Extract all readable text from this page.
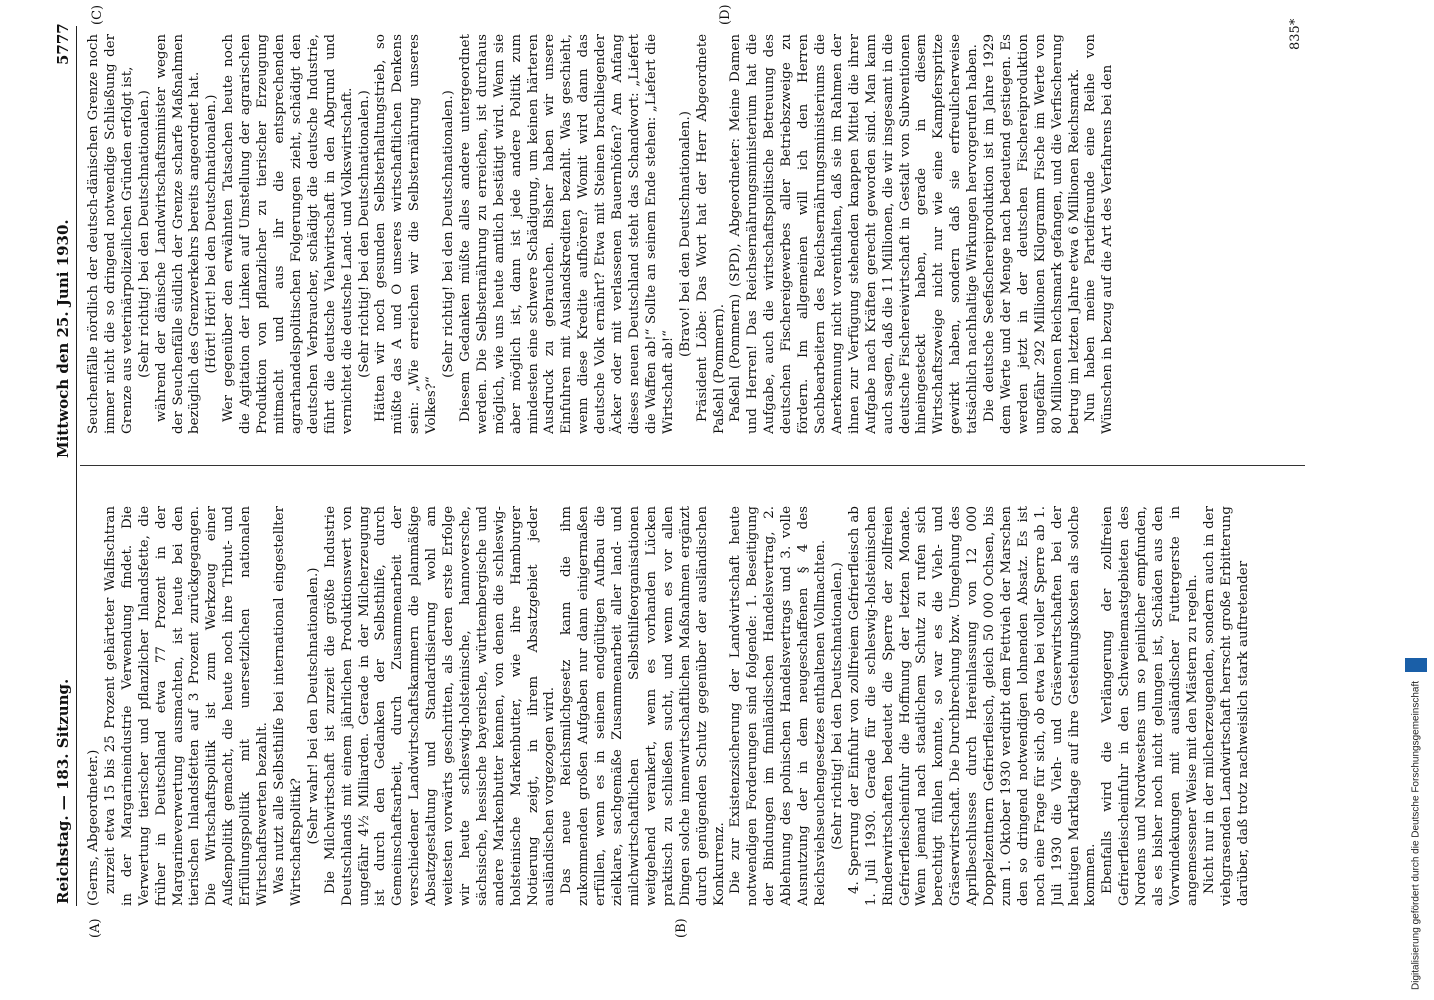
Reichstag. — 183. Sitzung.
Mittwoch den 25. Juni 1930.
5777
(A)	(B)
(C)	(D)

(Gerns, Abgeordneter.) zurzeit etwa 15 bis 25 Prozent gehärteter Walfischtran in der Margarineindustrie Verwendung findet. Die Verwertung tierischer und pflanzlicher Inlandsfette, die früher in Deutschland etwa 77 Prozent in der Margarineverwertung ausmachten, ist heute bei den tierischen Inlandsfetten auf 3 Prozent zurückgegangen. Die Wirtschaftspolitik ist zum Werkzeug einer Außenpolitik gemacht, die heute noch ihre Tribut- und Erfüllungspolitik mit unersetzlichen nationalen Wirtschaftswerten bezahlt. Was nutzt alle Selbsthilfe bei international eingestellter Wirtschaftspolitik? (Sehr wahr! bei den Deutschnationalen.) Die Milchwirtschaft ist zurzeit die größte Industrie Deutschlands mit einem jährlichen Produktionswert von ungefähr 4½ Milliarden. Gerade in der Milcherzeugung ist durch den Gedanken der Selbsthilfe, durch Gemeinschaftsarbeit, durch Zusammenarbeit der verschiedener Landwirtschaftskammern die planmäßige Absatzgestaltung und Standardisierung wohl am weitesten vorwärts geschritten, als deren erste Erfolge wir heute schleswig-holsteinische, hannoversche, sächsische, hessische bayerische, württembergische und andere Markenbutter kennen, von denen die schleswig-holsteinische Markenbutter, wie ihre Hamburger Notierung zeigt, in ihrem Absatzgebiet jeder ausländischen vorgezogen wird. Das neue Reichsmilchgesetz kann die ihm zukommenden großen Aufgaben nur dann einigermaßen erfüllen, wenn es in seinem endgültigen Aufbau die zielklare, sachgemäße Zusammenarbeit aller land- und milchwirtschaftlichen Selbsthilfeorganisationen weitgehend verankert, wenn es vorhanden Lücken praktisch zu schließen sucht, und wenn es vor allen Dingen solche innenwirtschaftlichen Maßnahmen ergänzt durch genügenden Schutz gegenüber der ausländischen Konkurrenz. Die zur Existenzsicherung der Landwirtschaft heute notwendigen Forderungen sind folgende: 1. Beseitigung der Bindungen im finnländischen Handelsvertrag, 2. Ablehnung des polnischen Handelsvertrags und 3. volle Ausnutzung der in dem neugeschaffenen § 4 des Reichsviehseuchengesetzes enthaltenen Vollmachten. (Sehr richtig! bei den Deutschnationalen.) 4. Sperrung der Einfuhr von zollfreiem Gefrierfleisch ab 1. Juli 1930. Gerade für die schleswig-holsteinischen Rinderwirtschaften bedeutet die Sperre der zollfreien Gefrierfleischeinfuhr die Hoffnung der letzten Monate. Wenn jemand nach staatlichem Schutz zu rufen sich berechtigt fühlen konnte, so war es die Vieh- und Gräserwirtschaft. Die Durchbrechung bzw. Umgehung des Aprilbeschlusses durch Hereinlassung von 12 000 Doppelzentnern Gefrierfleisch, gleich 50 000 Ochsen, bis zum 1. Oktober 1930 verdirbt dem Fettvieh der Marschen den so dringend notwendigen lohnenden Absatz. Es ist noch eine Frage für sich, ob etwa bei voller Sperre ab 1. Juli 1930 die Vieh- und Gräserwirtschaften bei der heutigen Marktlage auf ihre Gestehungskosten als solche kommen. Ebenfalls wird die Verlängerung der zollfreien Gefrierfleischeinfuhr in den Schweinemastgebieten des Nordens und Nordwestens um so peinlicher empfunden, als es bisher noch nicht gelungen ist, Schäden aus den Vorwindekungen mit ausländischer Futtergerste in angemessener Weise mit den Mästern zu regeln. Nicht nur in der milcherzeugenden, sondern auch in der viehgrasenden Landwirtschaft herrscht große Erbitterung darüber, daß trotz nachweislich stark auftretender

Seuchenfälle nördlich der deutsch-dänischen Grenze noch immer nicht die so dringend notwendige Schließung der Grenze aus veterinärpolizeilichen Gründen erfolgt ist, (Sehr richtig! bei den Deutschnationalen.) während der dänische Landwirtschaftsminister wegen der Seuchenfälle südlich der Grenze scharfe Maßnahmen bezüglich des Grenzverkehrs bereits angeordnet hat. (Hört! Hört! bei den Deutschnationalen.) Wer gegenüber den erwähnten Tatsachen heute noch die Agitation der Linken auf Umstellung der agrarischen Produktion von pflanzlicher zu tierischer Erzeugung mitmacht und aus ihr die entsprechenden agrarhandelspolitischen Folgerungen zieht, schädigt den deutschen Verbraucher, schädigt die deutsche Industrie, führt die deutsche Viehwirtschaft in den Abgrund und vernichtet die deutsche Land- und Volkswirtschaft. (Sehr richtig! bei den Deutschnationalen.) Hätten wir noch gesunden Selbsterhaltungstrieb, so müßte das A und O unseres wirtschaftlichen Denkens sein: „Wie erreichen wir die Selbsternährung unseres Volkes?“

(Sehr richtig! bei den Deutschnationalen.) Diesem Gedanken müßte alles andere untergeordnet werden. Die Selbsternährung zu erreichen, ist durchaus möglich, wie uns heute amtlich bestätigt wird. Wenn sie aber möglich ist, dann ist jede andere Politik zum mindesten eine schwere Schädigung, um keinen härteren Ausdruck zu gebrauchen. Bisher haben wir unsere Einfuhren mit Auslandskrediten bezahlt. Was geschieht, wenn diese Kredite aufhören? Womit wird dann das deutsche Volk ernährt? Etwa mit Steinen brachliegender Äcker oder mit verlassenen Bauernhöfen? Am Anfang dieses neuen Deutschland steht das Schandwort: „Liefert die Waffen ab!“ Sollte an seinem Ende stehen: „Liefert die Wirtschaft ab!“

(Bravo! bei den Deutschnationalen.) Präsident Löbe: Das Wort hat der Herr Abgeordnete Paßehl (Pommern). Paßehl (Pommern) (SPD), Abgeordneter: Meine Damen und Herren! Das Reichsernährungsministerium hat die Aufgabe, auch die wirtschaftspolitische Betreuung des deutschen Fischereigewerbes aller Betriebszweige zu fördern. Im allgemeinen will ich den Herren Sachbearbeitern des Reichsernährungsministeriums die Anerkennung nicht vorenthalten, daß sie im Rahmen der ihnen zur Verfügung stehenden knappen Mittel die ihrer Aufgabe nach Kräften gerecht geworden sind. Man kann auch sagen, daß die 11 Millionen, die wir insgesamt in die deutsche Fischereiwirtschaft in Gestalt von Subventionen hineingesteckt haben, gerade in diesem Wirtschaftszweige nicht nur wie eine Kampferspritze gewirkt haben, sondern daß sie erfreulicherweise tatsächlich nachhaltige Wirkungen hervorgerufen haben. Die deutsche Seefischereiproduktion ist im Jahre 1929 dem Werte und der Menge nach bedeutend gestiegen. Es werden jetzt in der deutschen Fischereiproduktion ungefähr 292 Millionen Kilogramm Fische im Werte von 80 Millionen Reichsmark gefangen, und die Verfischerung betrug im letzten Jahre etwa 6 Millionen Reichsmark. Nun haben meine Parteifreunde eine Reihe von Wünschen in bezug auf die Art des Verfahrens bei den

835*
Digitalisierung gefördert durch die Deutsche Forschungsgemeinschaft
